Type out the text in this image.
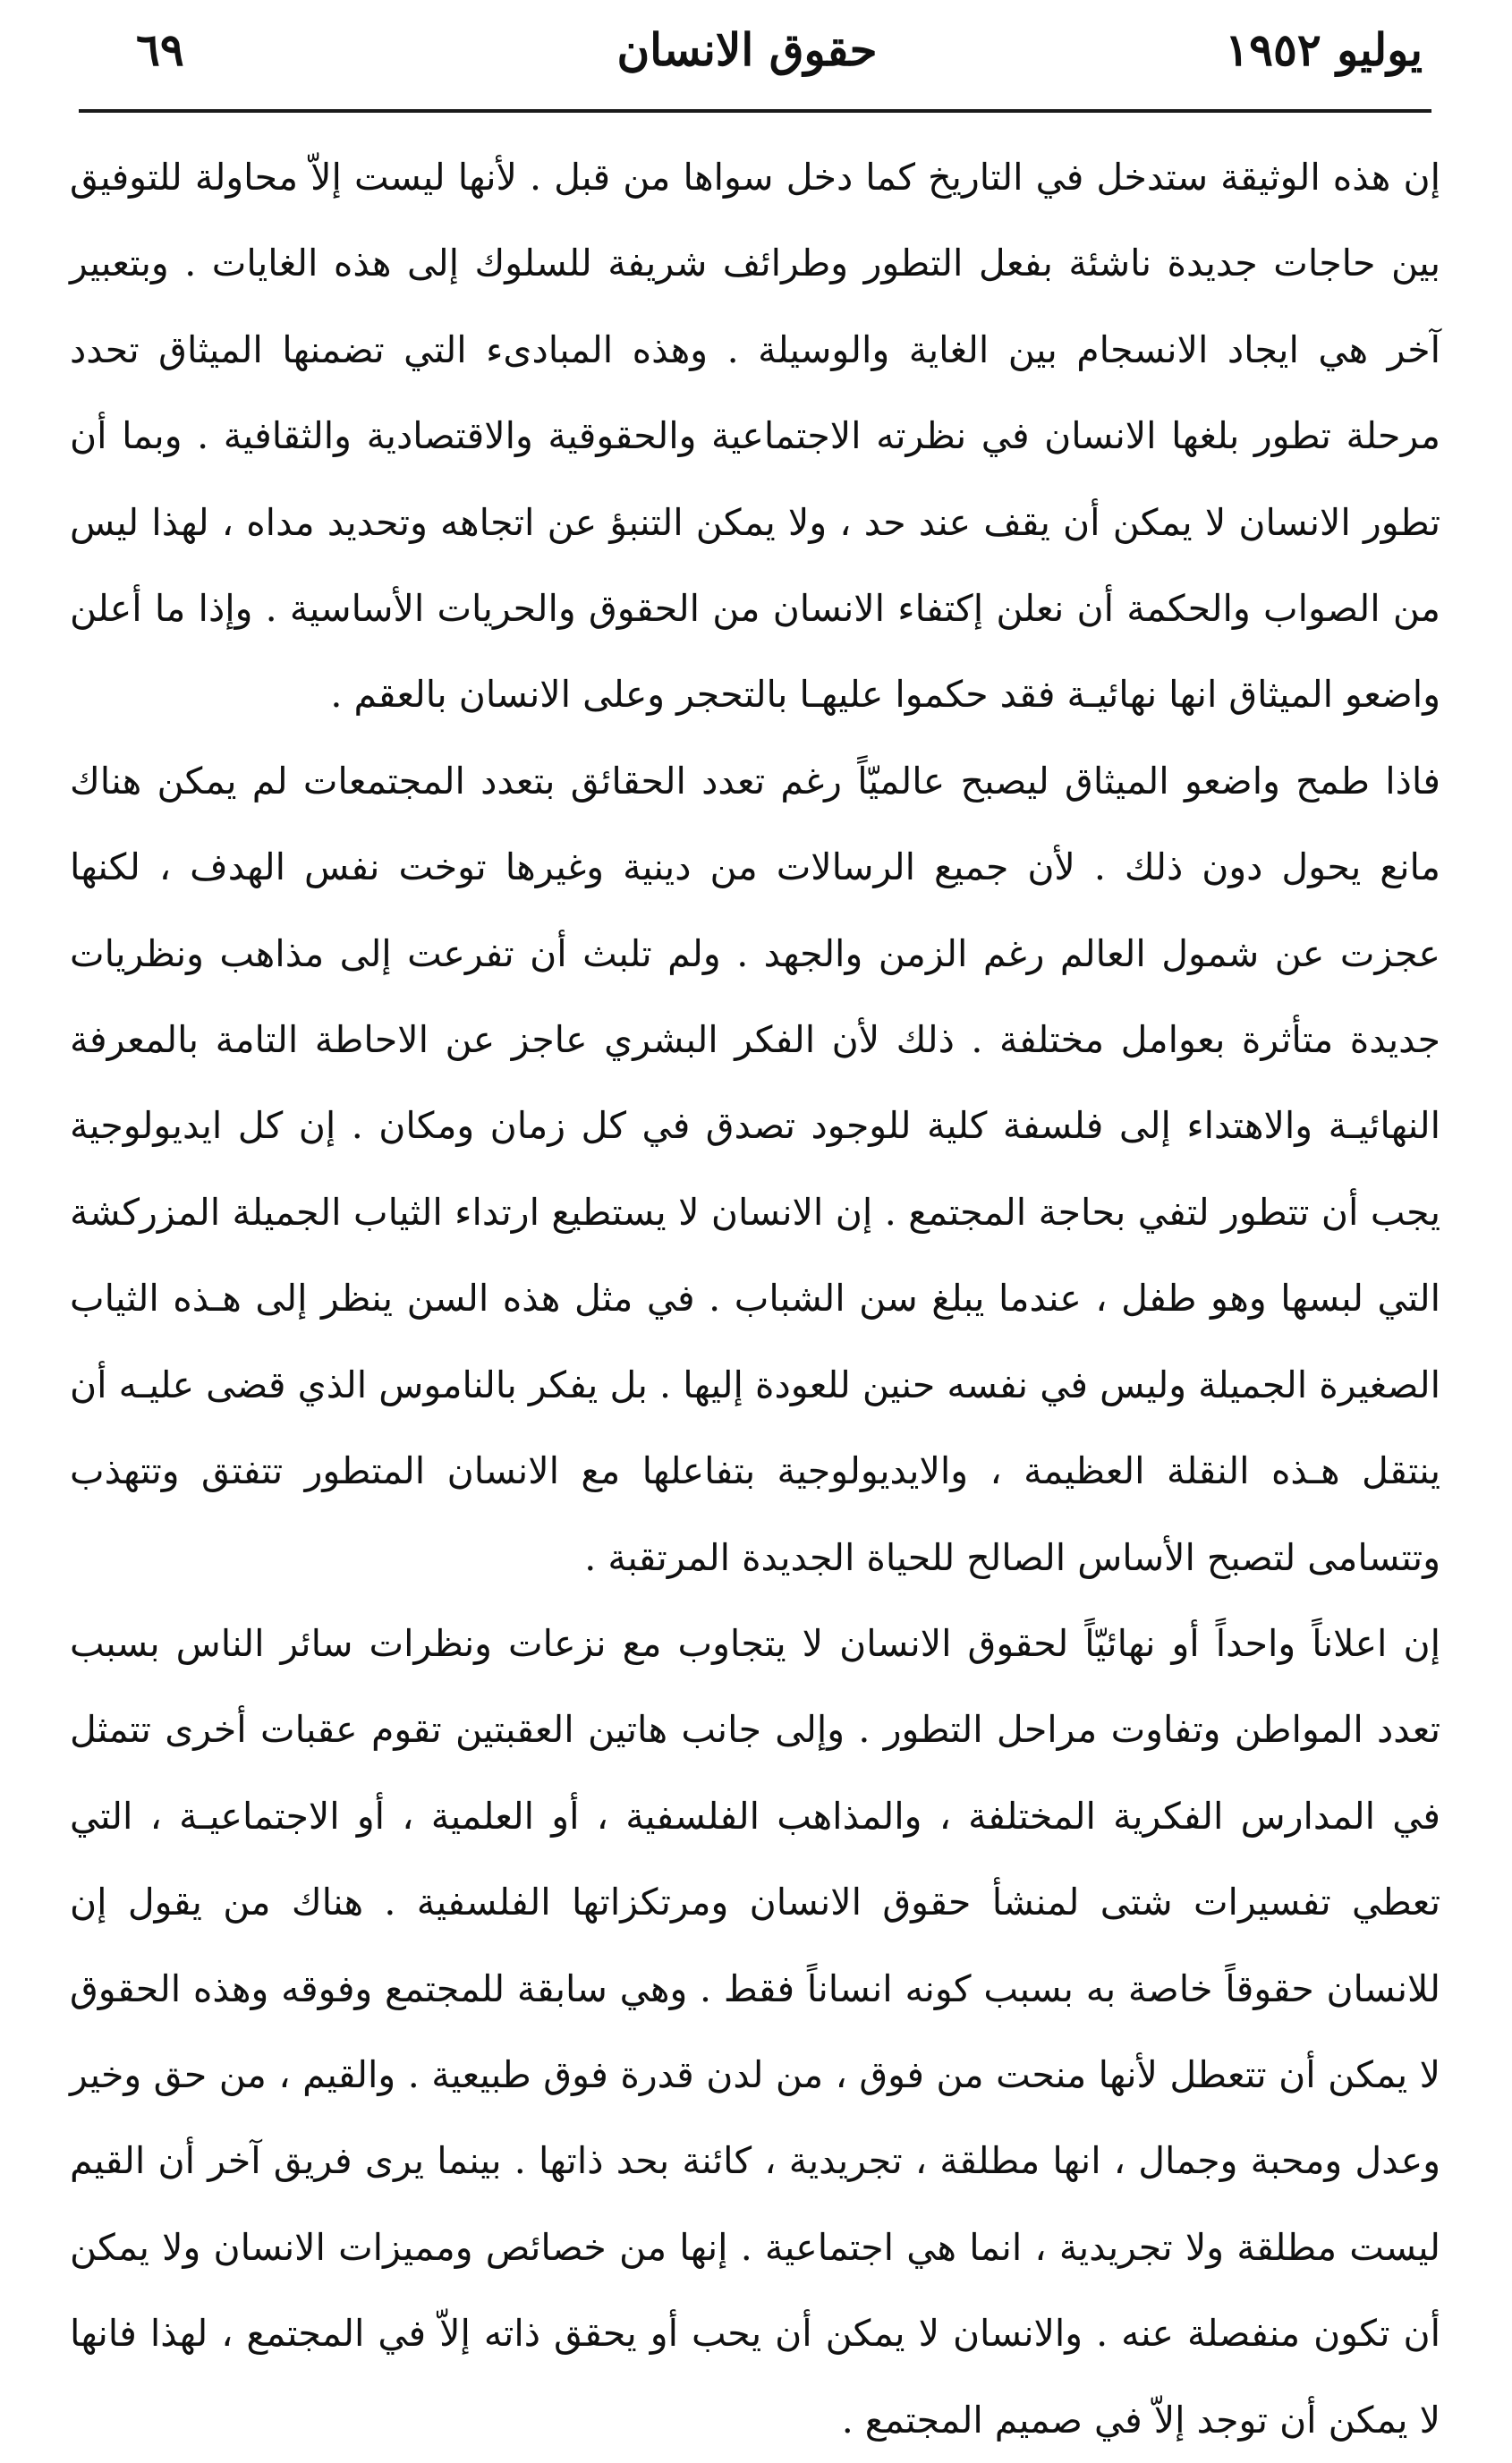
يوليو ١٩٥٢
حقوق الانسان
٦٩

إن هذه الوثيقة ستدخل في التاريخ كما دخل سواها من قبل . لأنها ليست إلاّ محاولة للتوفيق بين حاجات جديدة ناشئة بفعل التطور وطرائف شريفة للسلوك إلى هذه الغايات . وبتعبير آخر هي ايجاد الانسجام بين الغاية والوسيلة . وهذه المبادىء التي تضمنها الميثاق تحدد مرحلة تطور بلغها الانسان في نظرته الاجتماعية والحقوقية والاقتصادية والثقافية . وبما أن تطور الانسان لا يمكن أن يقف عند حد ، ولا يمكن التنبؤ عن اتجاهه وتحديد مداه ، لهذا ليس من الصواب والحكمة أن نعلن إكتفاء الانسان من الحقوق والحريات الأساسية . وإذا ما أعلن واضعو الميثاق انها نهائيـة فقد حكموا عليهـا بالتحجر وعلى الانسان بالعقم .

فاذا طمح واضعو الميثاق ليصبح عالميّاً رغم تعدد الحقائق بتعدد المجتمعات لم يمكن هناك مانع يحول دون ذلك . لأن جميع الرسالات من دينية وغيرها توخت نفس الهدف ، لكنها عجزت عن شمول العالم رغم الزمن والجهد . ولم تلبث أن تفرعت إلى مذاهب ونظريات جديدة متأثرة بعوامل مختلفة . ذلك لأن الفكر البشري عاجز عن الاحاطة التامة بالمعرفة النهائيـة والاهتداء إلى فلسفة كلية للوجود تصدق في كل زمان ومكان . إن كل ايديولوجية يجب أن تتطور لتفي بحاجة المجتمع . إن الانسان لا يستطيع ارتداء الثياب الجميلة المزركشة التي لبسها وهو طفل ، عندما يبلغ سن الشباب . في مثل هذه السن ينظر إلى هـذه الثياب الصغيرة الجميلة وليس في نفسه حنين للعودة إليها . بل يفكر بالناموس الذي قضى عليـه أن ينتقل هـذه النقلة العظيمة ، والايديولوجية بتفاعلها مع الانسان المتطور تتفتق وتتهذب وتتسامى لتصبح الأساس الصالح للحياة الجديدة المرتقبة .

إن اعلاناً واحداً أو نهائيّاً لحقوق الانسان لا يتجاوب مع نزعات ونظرات سائر الناس بسبب تعدد المواطن وتفاوت مراحل التطور . وإلى جانب هاتين العقبتين تقوم عقبات أخرى تتمثل في المدارس الفكرية المختلفة ، والمذاهب الفلسفية ، أو العلمية ، أو الاجتماعيـة ، التي تعطي تفسيرات شتى لمنشأ حقوق الانسان ومرتكزاتها الفلسفية . هناك من يقول إن للانسان حقوقاً خاصة به بسبب كونه انساناً فقط . وهي سابقة للمجتمع وفوقه وهذه الحقوق لا يمكن أن تتعطل لأنها منحت من فوق ، من لدن قدرة فوق طبيعية . والقيم ، من حق وخير وعدل ومحبة وجمال ، انها مطلقة ، تجريدية ، كائنة بحد ذاتها . بينما يرى فريق آخر أن القيم ليست مطلقة ولا تجريدية ، انما هي اجتماعية . إنها من خصائص ومميزات الانسان ولا يمكن أن تكون منفصلة عنه . والانسان لا يمكن أن يحب أو يحقق ذاته إلاّ في المجتمع ، لهذا فانها لا يمكن أن توجد إلاّ في صميم المجتمع .
